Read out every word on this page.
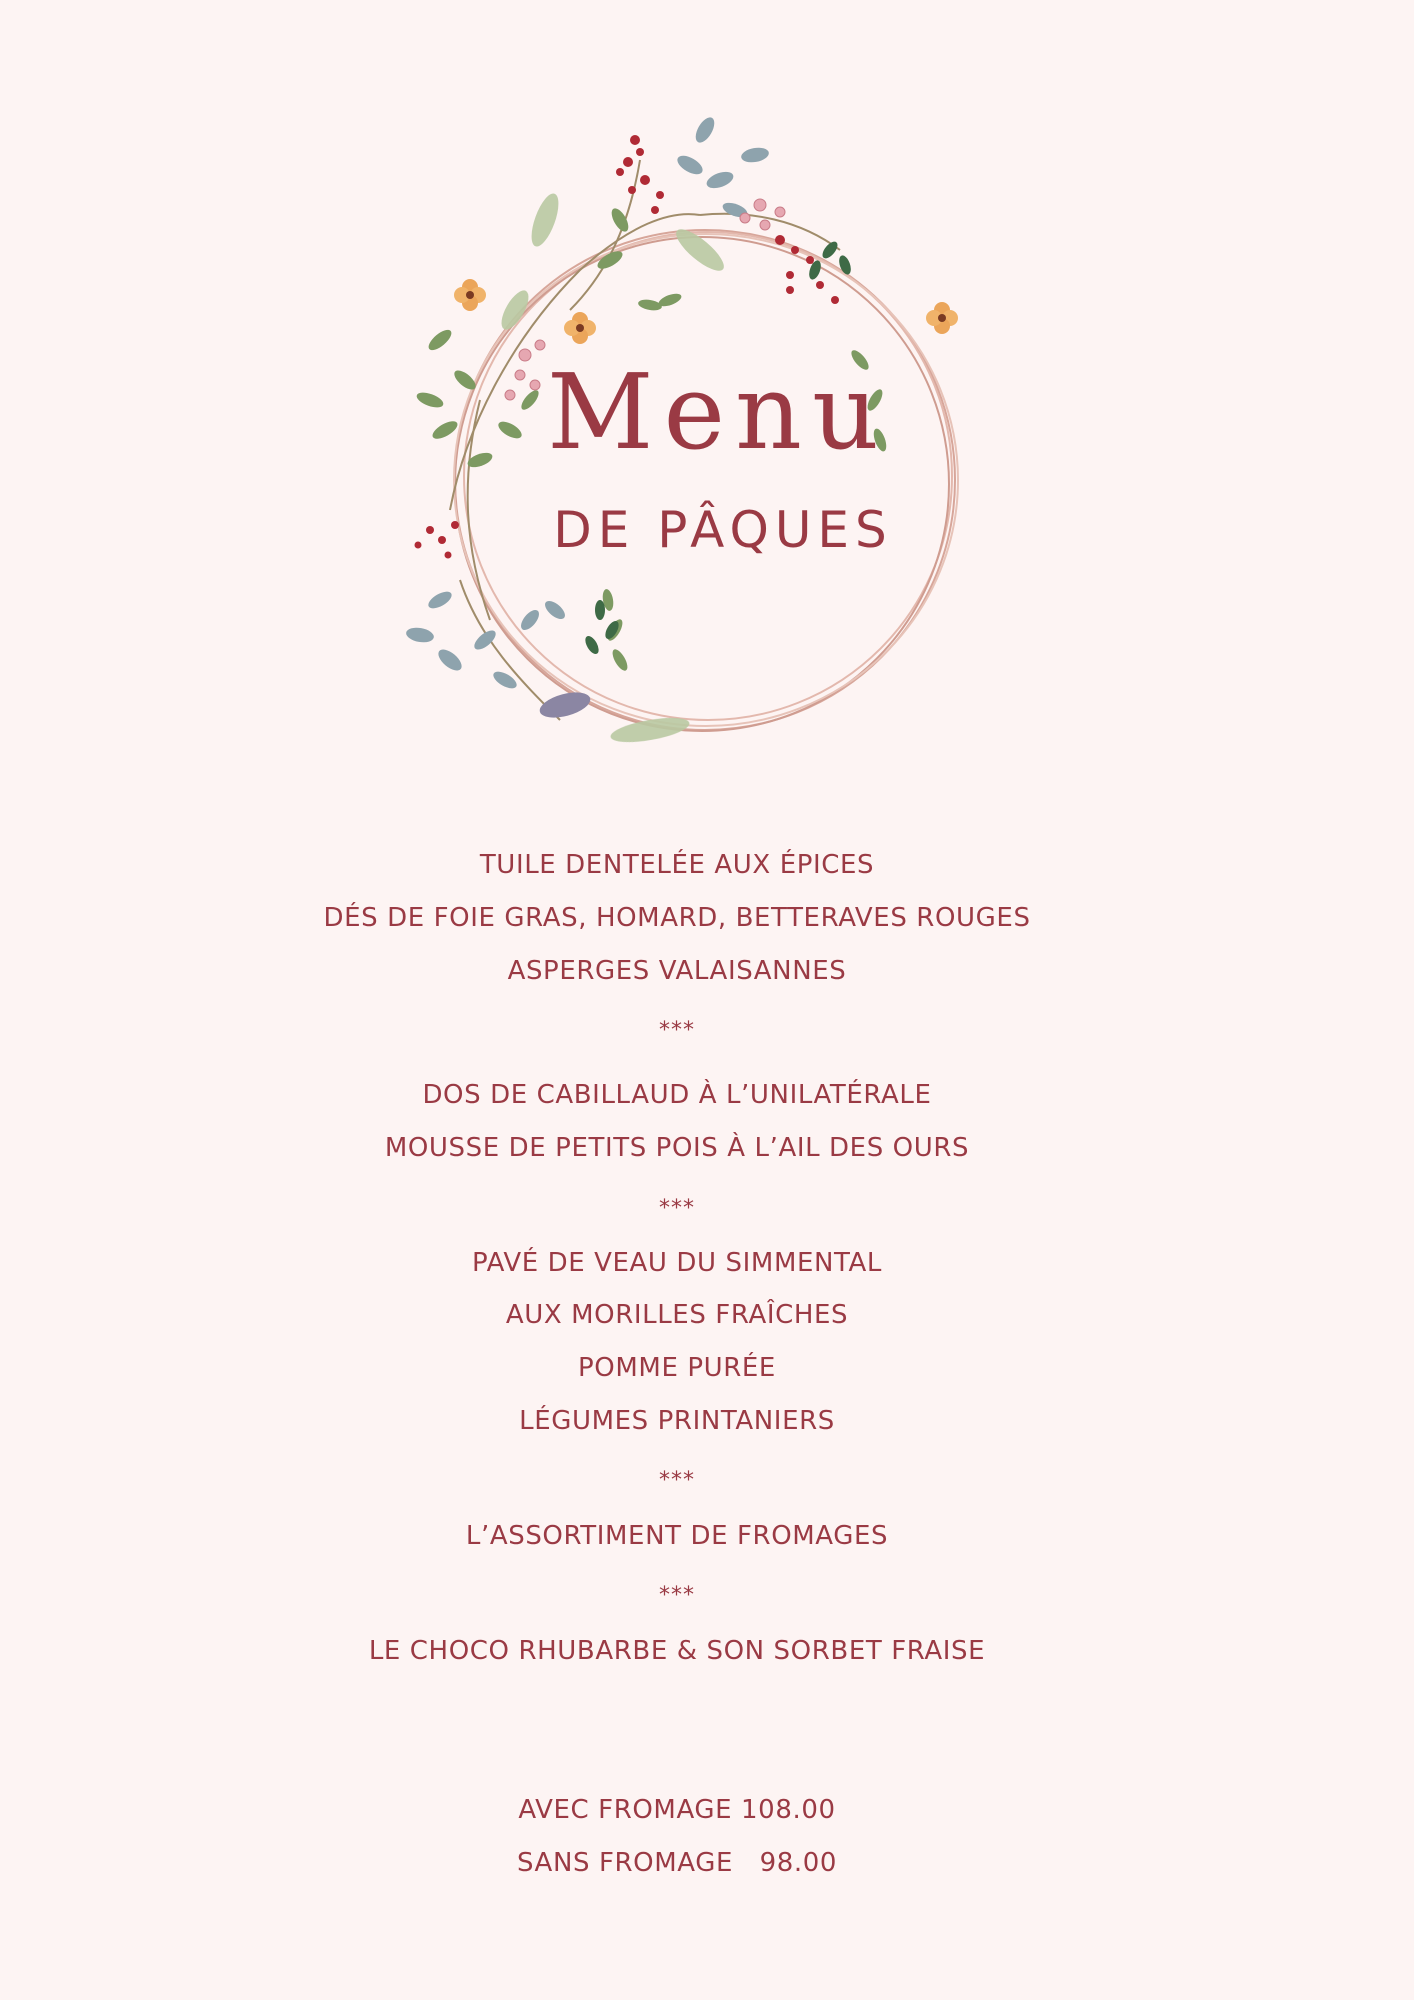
Menu
DE PÂQUES
TUILE DENTELÉE AUX ÉPICES
DÉS DE FOIE GRAS, HOMARD, BETTERAVES ROUGES
ASPERGES VALAISANNES
***
DOS DE CABILLAUD À L’UNILATÉRALE
MOUSSE DE PETITS POIS À L’AIL DES OURS
***
PAVÉ DE VEAU DU SIMMENTAL
AUX MORILLES FRAÎCHES
POMME PURÉE
LÉGUMES PRINTANIERS
***
L’ASSORTIMENT DE FROMAGES
***
LE CHOCO RHUBARBE & SON SORBET FRAISE
AVEC FROMAGE 108.00
SANS FROMAGE   98.00
